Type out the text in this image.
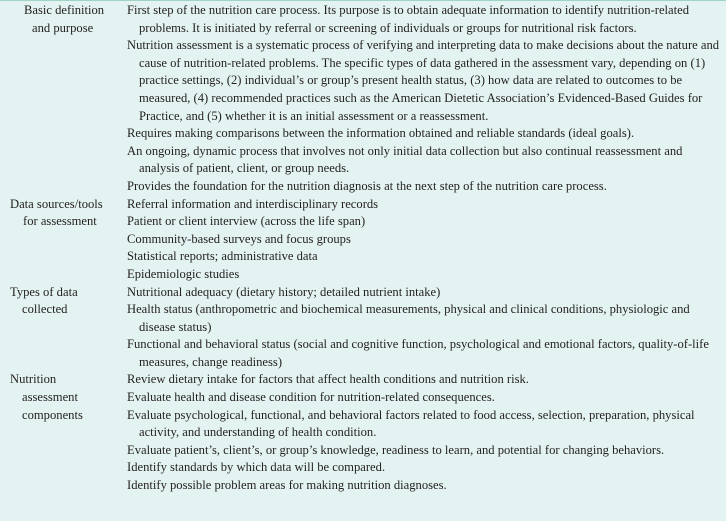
Basic definition
and purpose
First step of the nutrition care process. Its purpose is to obtain adequate information to identify nutrition-related problems. It is initiated by referral or screening of individuals or groups for nutritional risk factors.
Nutrition assessment is a systematic process of verifying and interpreting data to make decisions about the nature and cause of nutrition-related problems. The specific types of data gathered in the assessment vary, depending on (1) practice settings, (2) individual’s or group’s present health status, (3) how data are related to outcomes to be measured, (4) recommended practices such as the American Dietetic Association’s Evidenced-Based Guides for Practice, and (5) whether it is an initial assessment or a reassessment.
Requires making comparisons between the information obtained and reliable standards (ideal goals).
An ongoing, dynamic process that involves not only initial data collection but also continual reassessment and analysis of patient, client, or group needs.
Provides the foundation for the nutrition diagnosis at the next step of the nutrition care process.
Data sources/tools
for assessment
Referral information and interdisciplinary records
Patient or client interview (across the life span)
Community-based surveys and focus groups
Statistical reports; administrative data
Epidemiologic studies
Types of data
collected
Nutritional adequacy (dietary history; detailed nutrient intake)
Health status (anthropometric and biochemical measurements, physical and clinical conditions, physiologic and disease status)
Functional and behavioral status (social and cognitive function, psychological and emotional factors, quality-of-life measures, change readiness)
Nutrition
assessment
components
Review dietary intake for factors that affect health conditions and nutrition risk.
Evaluate health and disease condition for nutrition-related consequences.
Evaluate psychological, functional, and behavioral factors related to food access, selection, preparation, physical activity, and understanding of health condition.
Evaluate patient’s, client’s, or group’s knowledge, readiness to learn, and potential for changing behaviors.
Identify standards by which data will be compared.
Identify possible problem areas for making nutrition diagnoses.
